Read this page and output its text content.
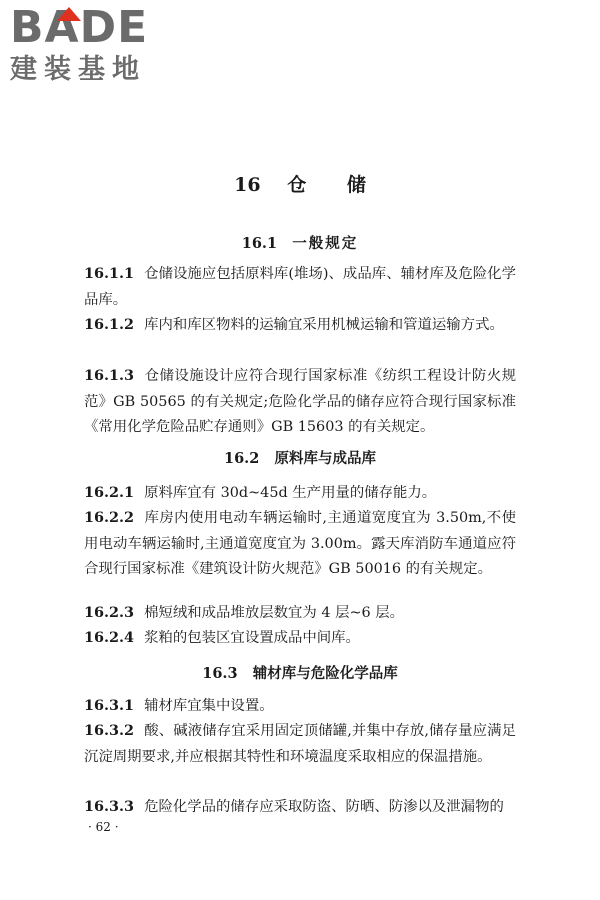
BADE
建装基地
16 仓 储
16.1 一般规定
16.1.1 仓储设施应包括原料库(堆场)、成品库、辅材库及危险化学品库。
16.1.2 库内和库区物料的运输宜采用机械运输和管道运输方式。
16.1.3 仓储设施设计应符合现行国家标准《纺织工程设计防火规范》GB 50565 的有关规定;危险化学品的储存应符合现行国家标准《常用化学危险品贮存通则》GB 15603 的有关规定。
16.2 原料库与成品库
16.2.1 原料库宜有 30d~45d 生产用量的储存能力。
16.2.2 库房内使用电动车辆运输时,主通道宽度宜为 3.50m,不使用电动车辆运输时,主通道宽度宜为 3.00m。露天库消防车通道应符合现行国家标准《建筑设计防火规范》GB 50016 的有关规定。
16.2.3 棉短绒和成品堆放层数宜为 4 层~6 层。
16.2.4 浆粕的包装区宜设置成品中间库。
16.3 辅材库与危险化学品库
16.3.1 辅材库宜集中设置。
16.3.2 酸、碱液储存宜采用固定顶储罐,并集中存放,储存量应满足沉淀周期要求,并应根据其特性和环境温度采取相应的保温措施。
16.3.3 危险化学品的储存应采取防盗、防晒、防渗以及泄漏物的
· 62 ·
